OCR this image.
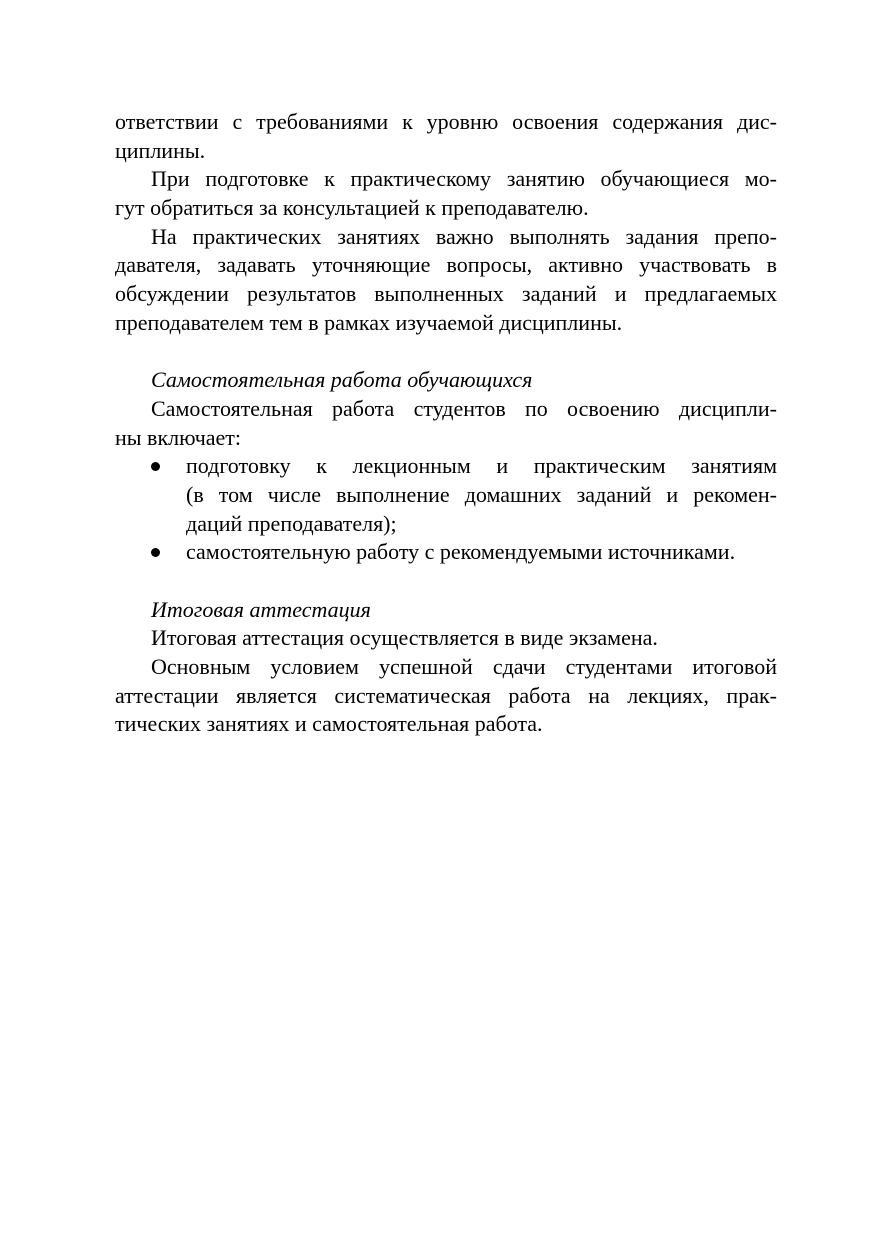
ответствии с требованиями к уровню освоения содержания дис-
циплины.
При подготовке к практическому занятию обучающиеся мо-
гут обратиться за консультацией к преподавателю.
На практических занятиях важно выполнять задания препо-
давателя, задавать уточняющие вопросы, активно участвовать в
обсуждении результатов выполненных заданий и предлагаемых
преподавателем тем в рамках изучаемой дисциплины.
Самостоятельная работа обучающихся
Самостоятельная работа студентов по освоению дисципли-
ны включает:
подготовку к лекционным и практическим занятиям
(в том числе выполнение домашних заданий и рекомен-
даций преподавателя);
самостоятельную работу с рекомендуемыми источниками.
Итоговая аттестация
Итоговая аттестация осуществляется в виде экзамена.
Основным условием успешной сдачи студентами итоговой
аттестации является систематическая работа на лекциях, прак-
тических занятиях и самостоятельная работа.
